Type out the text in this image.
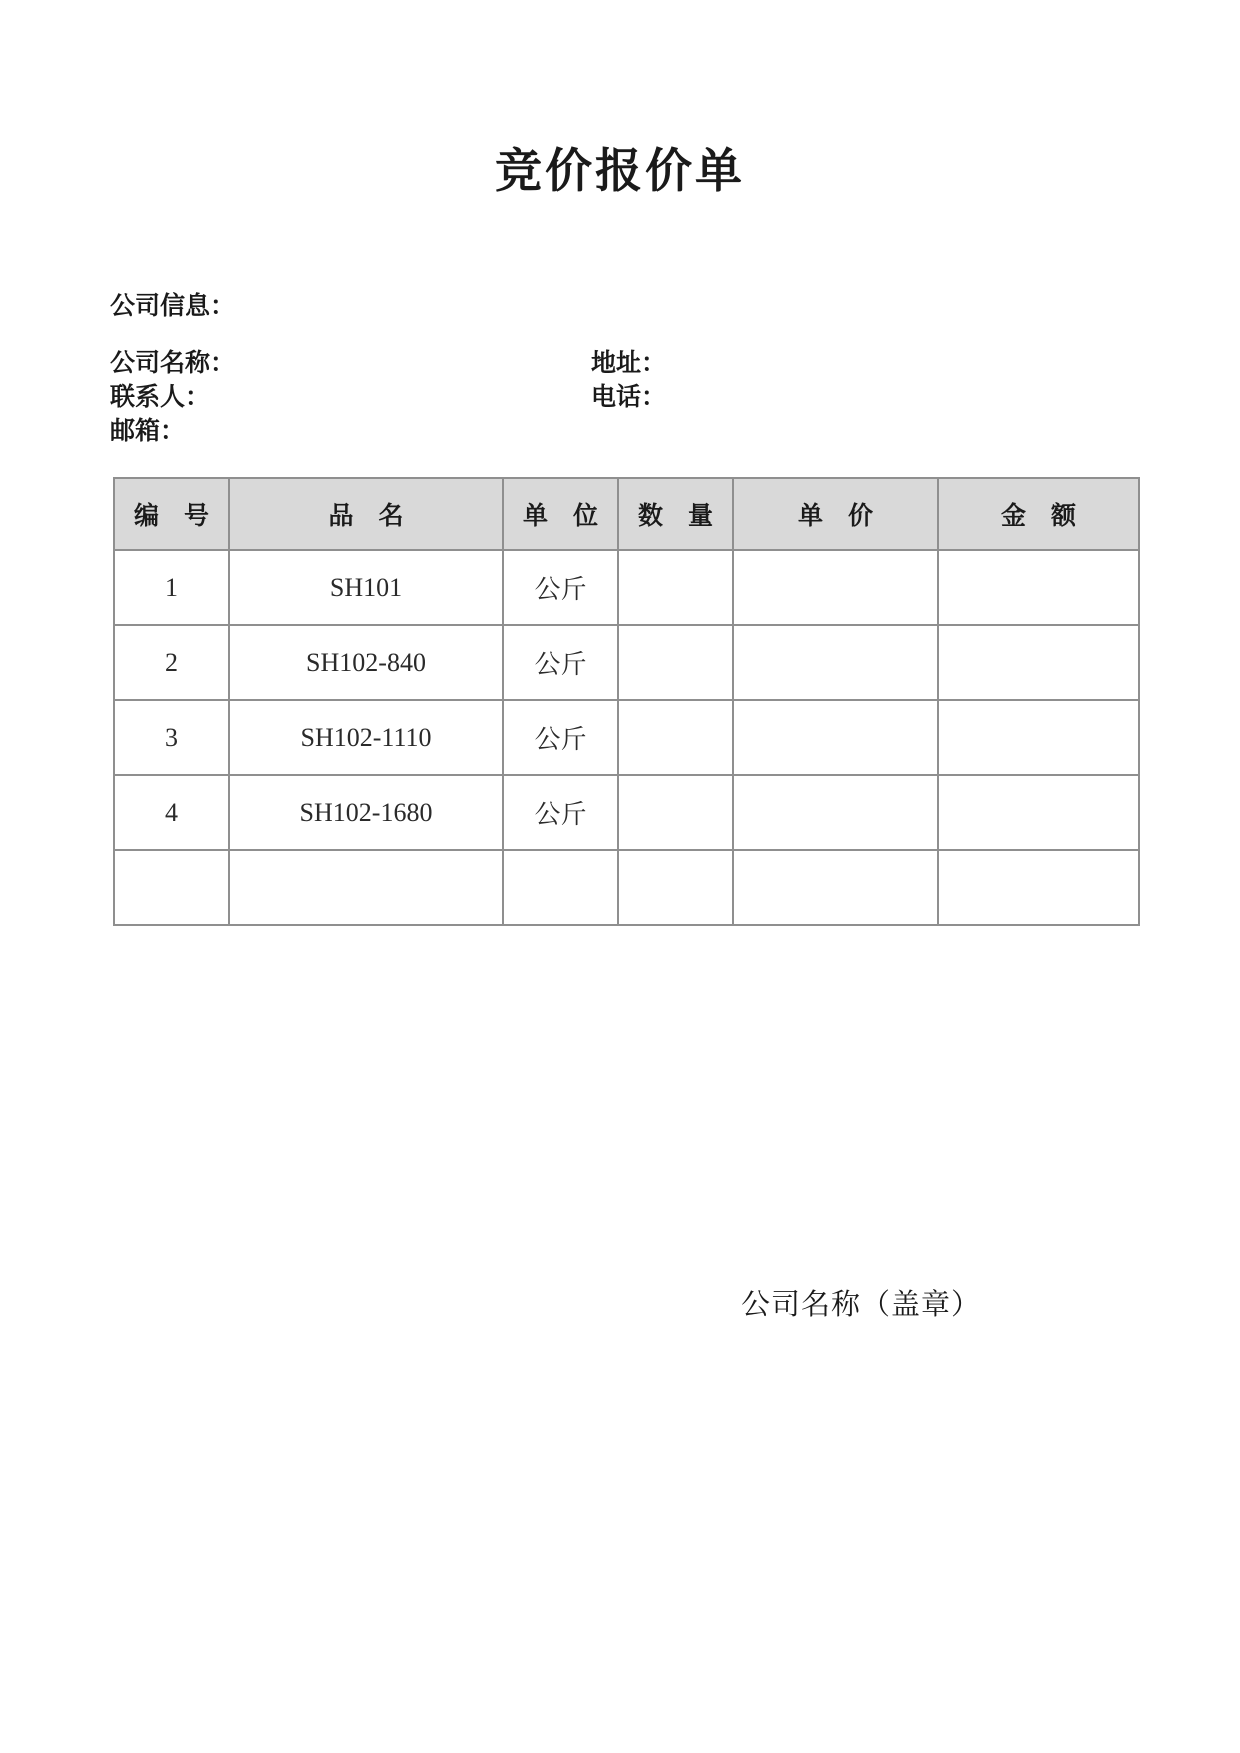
竞价报价单

公司信息：

公司名称：	地址：

联系人：	电话：

邮箱：

编　号	品　名	单　位	数　量	单　价	金　额
1	SH101	公斤			
2	SH102-840	公斤			
3	SH102-1110	公斤			
4	SH102-1680	公斤			

公司名称（盖章）
